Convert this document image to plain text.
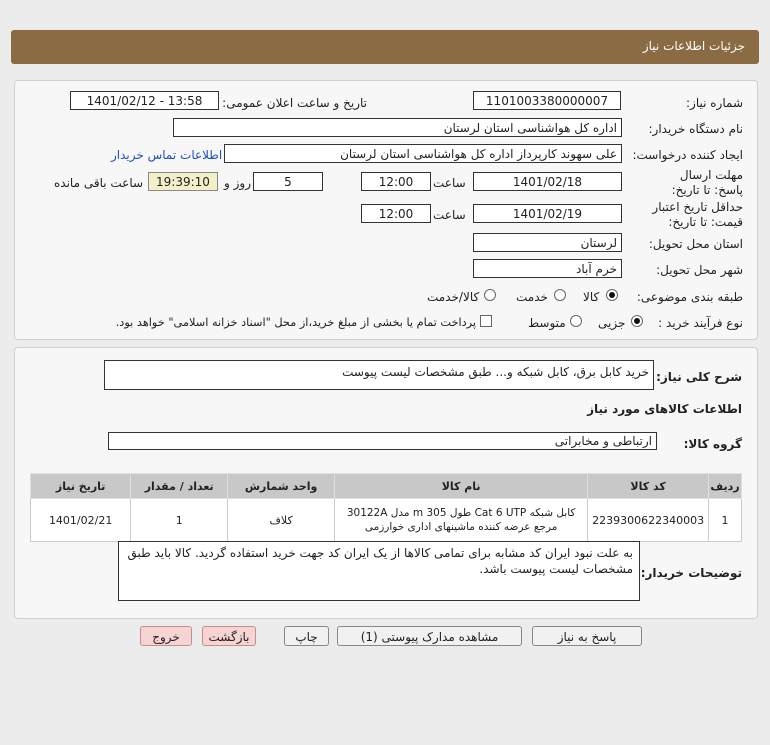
جزئیات اطلاعات نیاز
شماره نیاز:
1101003380000007
تاریخ و ساعت اعلان عمومی:
1401/02/12 - 13:58
نام دستگاه خریدار:
اداره کل هواشناسی استان لرستان
ایجاد کننده درخواست:
علی سهوند کارپرداز اداره کل هواشناسی استان لرستان
اطلاعات تماس خریدار
مهلت ارسال پاسخ: تا تاریخ:
1401/02/18
ساعت
12:00
5
روز و
19:39:10
ساعت باقی مانده
حداقل تاریخ اعتبار قیمت: تا تاریخ:
1401/02/19
ساعت
12:00
استان محل تحویل:
لرستان
شهر محل تحویل:
خرم آباد
طبقه بندی موضوعی:
کالا
خدمت
کالا/خدمت
نوع فرآیند خرید :
جزیی
متوسط
پرداخت تمام یا بخشی از مبلغ خرید،از محل "اسناد خزانه اسلامی" خواهد بود.
شرح کلی نیاز:
خرید کابل برق، کابل شبکه و... طبق مشخصات لیست پیوست
اطلاعات کالاهای مورد نیاز
گروه کالا:
ارتباطی و مخابراتی
ردیف	کد کالا	نام کالا	واحد شمارش	تعداد / مقدار	تاریخ نیاز
1	2239300622340003	کابل شبکه Cat 6 UTP طول 305 m مدل 30122A مرجع عرضه کننده ماشینهای اداری خوارزمی	کلاف	1	1401/02/21
توضیحات خریدار:
به علت نبود ایران کد مشابه برای تمامی کالاها از یک ایران کد جهت خرید استفاده گردید. کالا باید طبق مشخصات لیست پیوست باشد.
پاسخ به نیاز
مشاهده مدارک پیوستی (1)
چاپ
بازگشت
خروج
